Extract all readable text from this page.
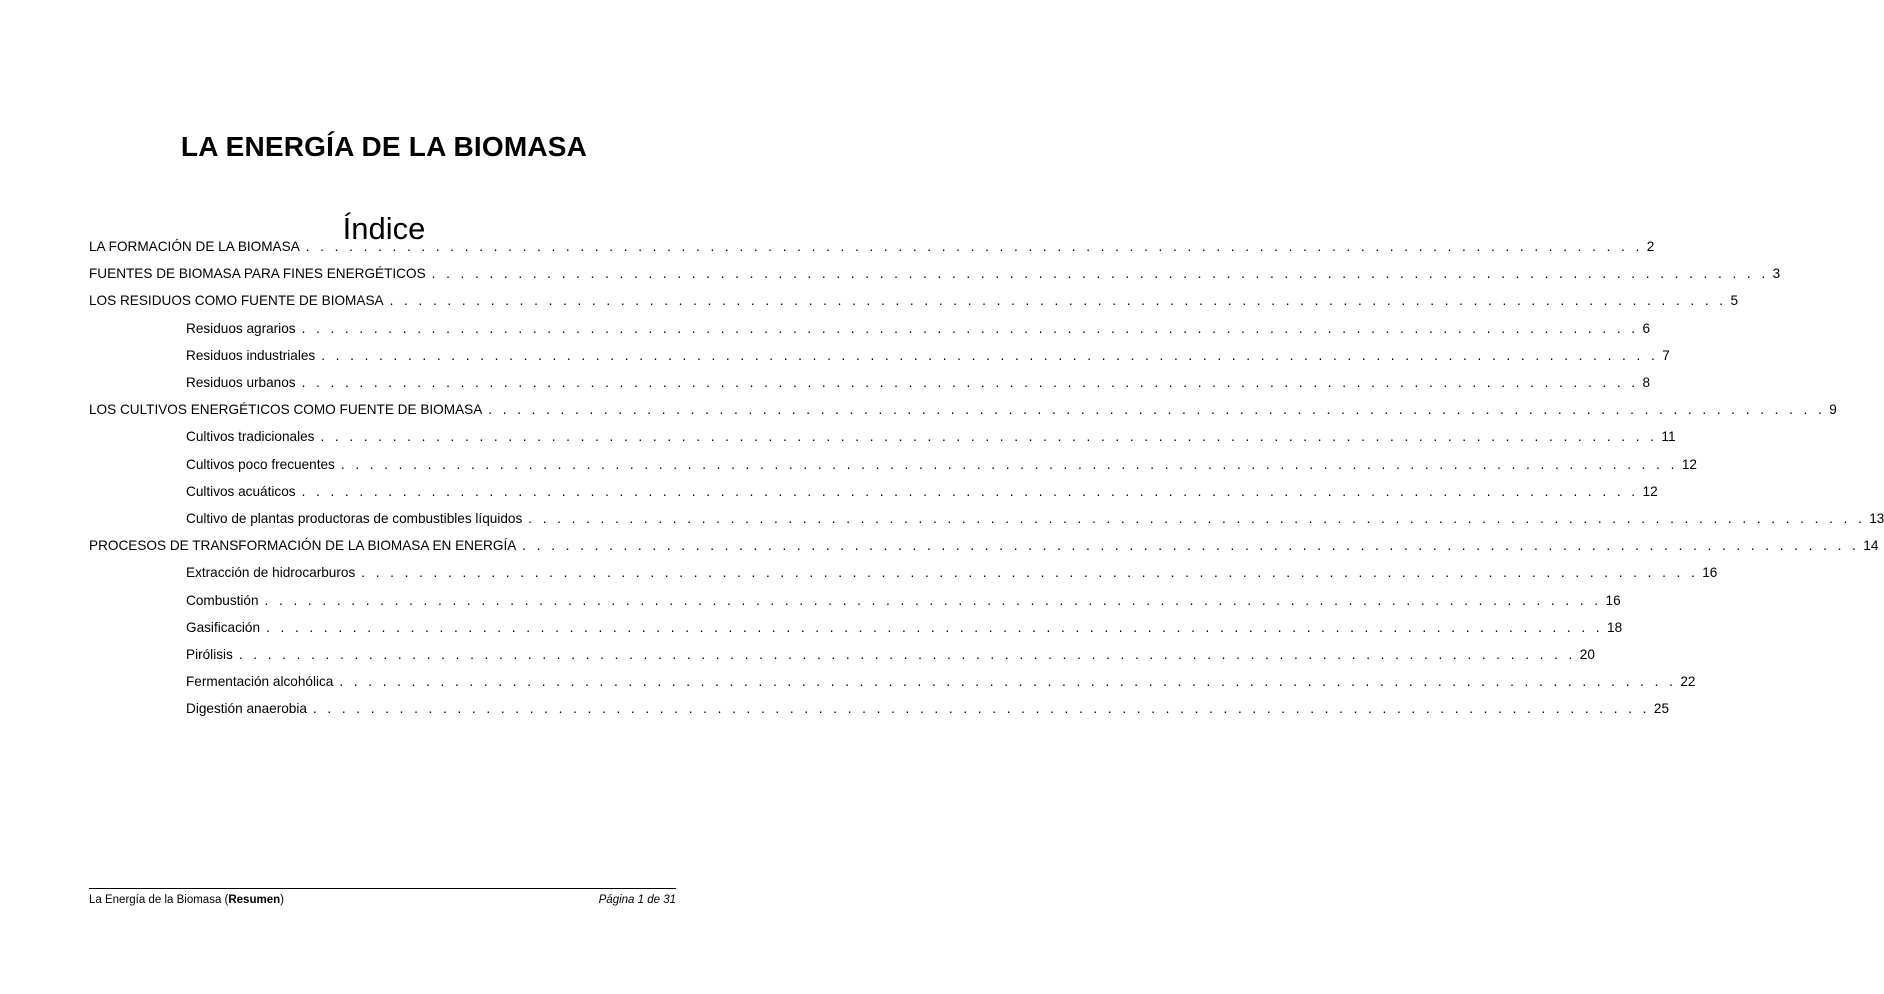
LA ENERGÍA DE LA BIOMASA
Índice
LA FORMACIÓN DE LA BIOMASA . . . . . . . . . . . . . . . . . . . . . . . . . . . . . . . . . . . . . . . . . . . . . . . . . . . . . . . . . . . . . . . . . . . . . . . . . . . . . . . . . . . . . . . . . . . . . 2
FUENTES DE BIOMASA PARA FINES ENERGÉTICOS . . . . . . . . . . . . . . . . . . . . . . . . . . . . . . . . . . . . . . . . . . . . . . . . . . . . . . . . . . . . . . . . . . . . . . . . . . . . . . . . . . . . . . . . . . . . . 3
LOS RESIDUOS COMO FUENTE DE BIOMASA . . . . . . . . . . . . . . . . . . . . . . . . . . . . . . . . . . . . . . . . . . . . . . . . . . . . . . . . . . . . . . . . . . . . . . . . . . . . . . . . . . . . . . . . . . . . . 5
Residuos agrarios . . . . . . . . . . . . . . . . . . . . . . . . . . . . . . . . . . . . . . . . . . . . . . . . . . . . . . . . . . . . . . . . . . . . . . . . . . . . . . . . . . . . . . . . . . . . . 6
Residuos industriales . . . . . . . . . . . . . . . . . . . . . . . . . . . . . . . . . . . . . . . . . . . . . . . . . . . . . . . . . . . . . . . . . . . . . . . . . . . . . . . . . . . . . . . . . . . . . 7
Residuos urbanos . . . . . . . . . . . . . . . . . . . . . . . . . . . . . . . . . . . . . . . . . . . . . . . . . . . . . . . . . . . . . . . . . . . . . . . . . . . . . . . . . . . . . . . . . . . . . 8
LOS CULTIVOS ENERGÉTICOS COMO FUENTE DE BIOMASA . . . . . . . . . . . . . . . . . . . . . . . . . . . . . . . . . . . . . . . . . . . . . . . . . . . . . . . . . . . . . . . . . . . . . . . . . . . . . . . . . . . . . . . . . . . . . 9
Cultivos tradicionales . . . . . . . . . . . . . . . . . . . . . . . . . . . . . . . . . . . . . . . . . . . . . . . . . . . . . . . . . . . . . . . . . . . . . . . . . . . . . . . . . . . . . . . . . . . . . 11
Cultivos poco frecuentes . . . . . . . . . . . . . . . . . . . . . . . . . . . . . . . . . . . . . . . . . . . . . . . . . . . . . . . . . . . . . . . . . . . . . . . . . . . . . . . . . . . . . . . . . . . . . 12
Cultivos acuáticos . . . . . . . . . . . . . . . . . . . . . . . . . . . . . . . . . . . . . . . . . . . . . . . . . . . . . . . . . . . . . . . . . . . . . . . . . . . . . . . . . . . . . . . . . . . . . 12
Cultivo de plantas productoras de combustibles líquidos . . . . . . . . . . . . . . . . . . . . . . . . . . . . . . . . . . . . . . . . . . . . . . . . . . . . . . . . . . . . . . . . . . . . . . . . . . . . . . . . . . . . . . . . . . . . . 13
PROCESOS DE TRANSFORMACIÓN DE LA BIOMASA EN ENERGÍA . . . . . . . . . . . . . . . . . . . . . . . . . . . . . . . . . . . . . . . . . . . . . . . . . . . . . . . . . . . . . . . . . . . . . . . . . . . . . . . . . . . . . . . . . . . . . 14
Extracción de hidrocarburos . . . . . . . . . . . . . . . . . . . . . . . . . . . . . . . . . . . . . . . . . . . . . . . . . . . . . . . . . . . . . . . . . . . . . . . . . . . . . . . . . . . . . . . . . . . . . 16
Combustión . . . . . . . . . . . . . . . . . . . . . . . . . . . . . . . . . . . . . . . . . . . . . . . . . . . . . . . . . . . . . . . . . . . . . . . . . . . . . . . . . . . . . . . . . . . . . 16
Gasificación . . . . . . . . . . . . . . . . . . . . . . . . . . . . . . . . . . . . . . . . . . . . . . . . . . . . . . . . . . . . . . . . . . . . . . . . . . . . . . . . . . . . . . . . . . . . . 18
Pirólisis . . . . . . . . . . . . . . . . . . . . . . . . . . . . . . . . . . . . . . . . . . . . . . . . . . . . . . . . . . . . . . . . . . . . . . . . . . . . . . . . . . . . . . . . . . . . . 20
Fermentación alcohólica . . . . . . . . . . . . . . . . . . . . . . . . . . . . . . . . . . . . . . . . . . . . . . . . . . . . . . . . . . . . . . . . . . . . . . . . . . . . . . . . . . . . . . . . . . . . . 22
Digestión anaerobia . . . . . . . . . . . . . . . . . . . . . . . . . . . . . . . . . . . . . . . . . . . . . . . . . . . . . . . . . . . . . . . . . . . . . . . . . . . . . . . . . . . . . . . . . . . . . 25
La Energía de la Biomasa (Resumen)	Página 1 de 31
